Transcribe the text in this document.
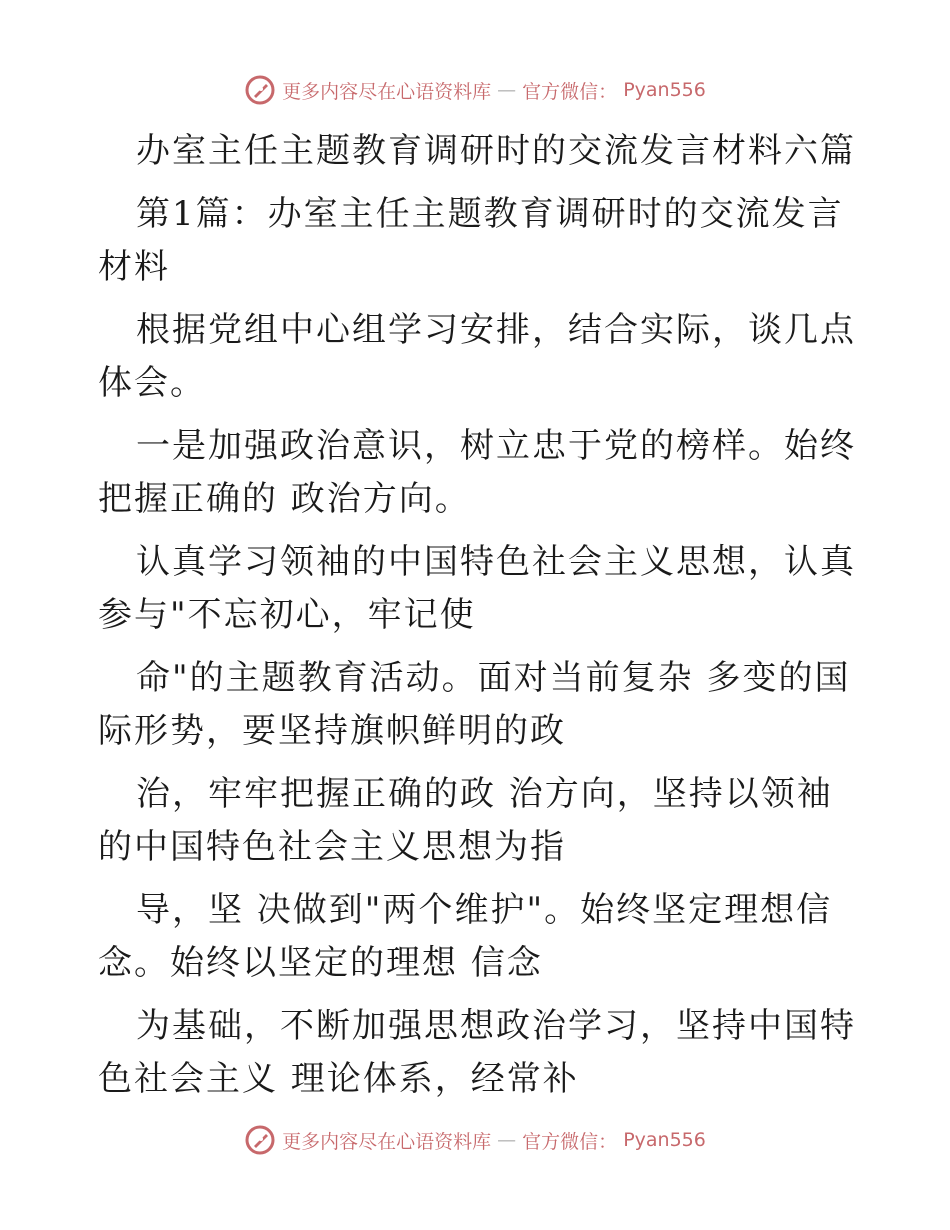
更多内容尽在心语资料库 — 官方微信： Pyan556

办室主任主题教育调研时的交流发言材料六篇

第1篇：办室主任主题教育调研时的交流发言材料

根据党组中心组学习安排，结合实际，谈几点体会。

一是加强政治意识，树立忠于党的榜样。始终把握正确的 政治方向。

认真学习领袖的中国特色社会主义思想，认真参与"不忘初心，牢记使

命"的主题教育活动。面对当前复杂 多变的国际形势，要坚持旗帜鲜明的政

治，牢牢把握正确的政 治方向，坚持以领袖的中国特色社会主义思想为指

导，坚 决做到"两个维护"。始终坚定理想信念。始终以坚定的理想 信念

为基础，不断加强思想政治学习，坚持中国特色社会主义 理论体系，经常补

更多内容尽在心语资料库 — 官方微信： Pyan556
